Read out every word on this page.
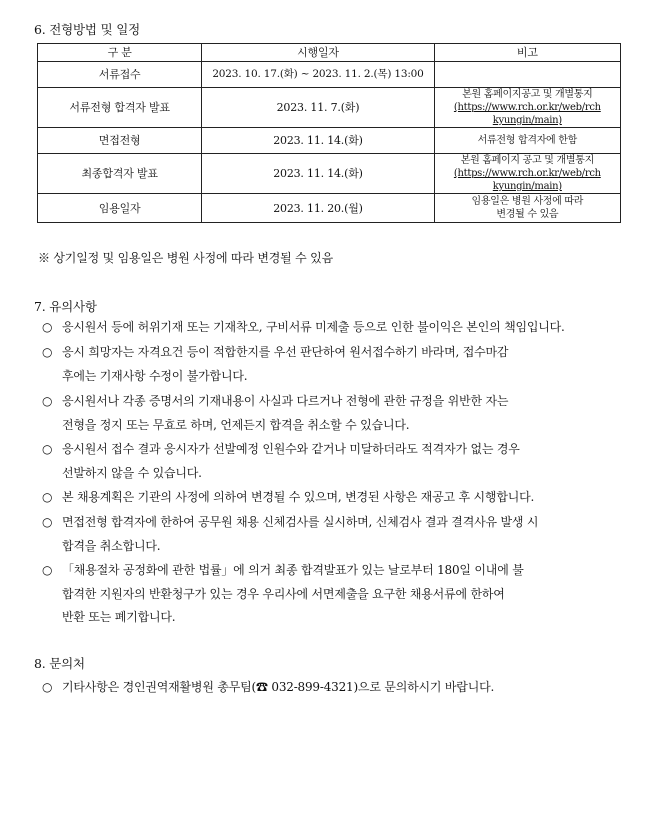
6. 전형방법 및 일정
구 분	시행일자	비고
서류접수	2023. 10. 17.(화) ~ 2023. 11. 2.(목) 13:00	
서류전형 합격자 발표	2023. 11. 7.(화)	본원 홈페이지공고 및 개별통지
(https://www.rch.or.kr/web/rch
kyungin/main)

면접전형	2023. 11. 14.(화)	서류전형 합격자에 한함
최종합격자 발표	2023. 11. 14.(화)	본원 홈페이지 공고 및 개별통지
(https://www.rch.or.kr/web/rch
kyungin/main)

임용일자	2023. 11. 20.(월)	임용일은 병원 사정에 따라
변경될 수 있음
※ 상기일정 및 임용일은 병원 사정에 따라 변경될 수 있음
7. 유의사항
○ 응시원서 등에 허위기재 또는 기재착오, 구비서류 미제출 등으로 인한 불이익은 본인의 책임입니다.
○ 응시 희망자는 자격요건 등이 적합한지를 우선 판단하여 원서접수하기 바라며, 접수마감
후에는 기재사항 수정이 불가합니다.
○ 응시원서나 각종 증명서의 기재내용이 사실과 다르거나 전형에 관한 규정을 위반한 자는
전형을 정지 또는 무효로 하며, 언제든지 합격을 취소할 수 있습니다.
○ 응시원서 접수 결과 응시자가 선발예정 인원수와 같거나 미달하더라도 적격자가 없는 경우
선발하지 않을 수 있습니다.
○ 본 채용계획은 기관의 사정에 의하여 변경될 수 있으며, 변경된 사항은 재공고 후 시행합니다.
○ 면접전형 합격자에 한하여 공무원 채용 신체검사를 실시하며, 신체검사 결과 결격사유 발생 시
합격을 취소합니다.
○ 「채용절차 공정화에 관한 법률」에 의거 최종 합격발표가 있는 날로부터 180일 이내에 불
합격한 지원자의 반환청구가 있는 경우 우리사에 서면제출을 요구한 채용서류에 한하여
반환 또는 폐기합니다.
8. 문의처
○ 기타사항은 경인권역재활병원 총무팀(☎ 032-899-4321)으로 문의하시기 바랍니다.
